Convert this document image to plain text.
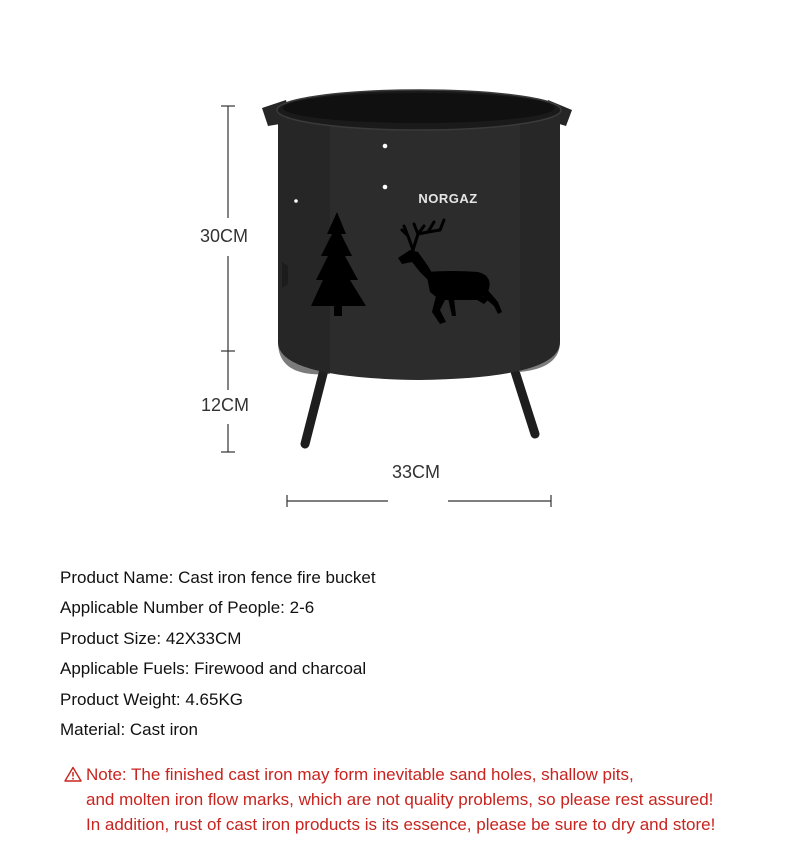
NORGAZ
30CM
12CM
33CM
Product Name: Cast iron fence fire bucket
Applicable Number of People: 2-6
Product Size: 42X33CM
Applicable Fuels: Firewood and charcoal
Product Weight: 4.65KG
Material: Cast iron
Note: The finished cast iron may form inevitable sand holes, shallow pits,
and molten iron flow marks, which are not quality problems, so please rest assured!
In addition, rust of cast iron products is its essence, please be sure to dry and store!
